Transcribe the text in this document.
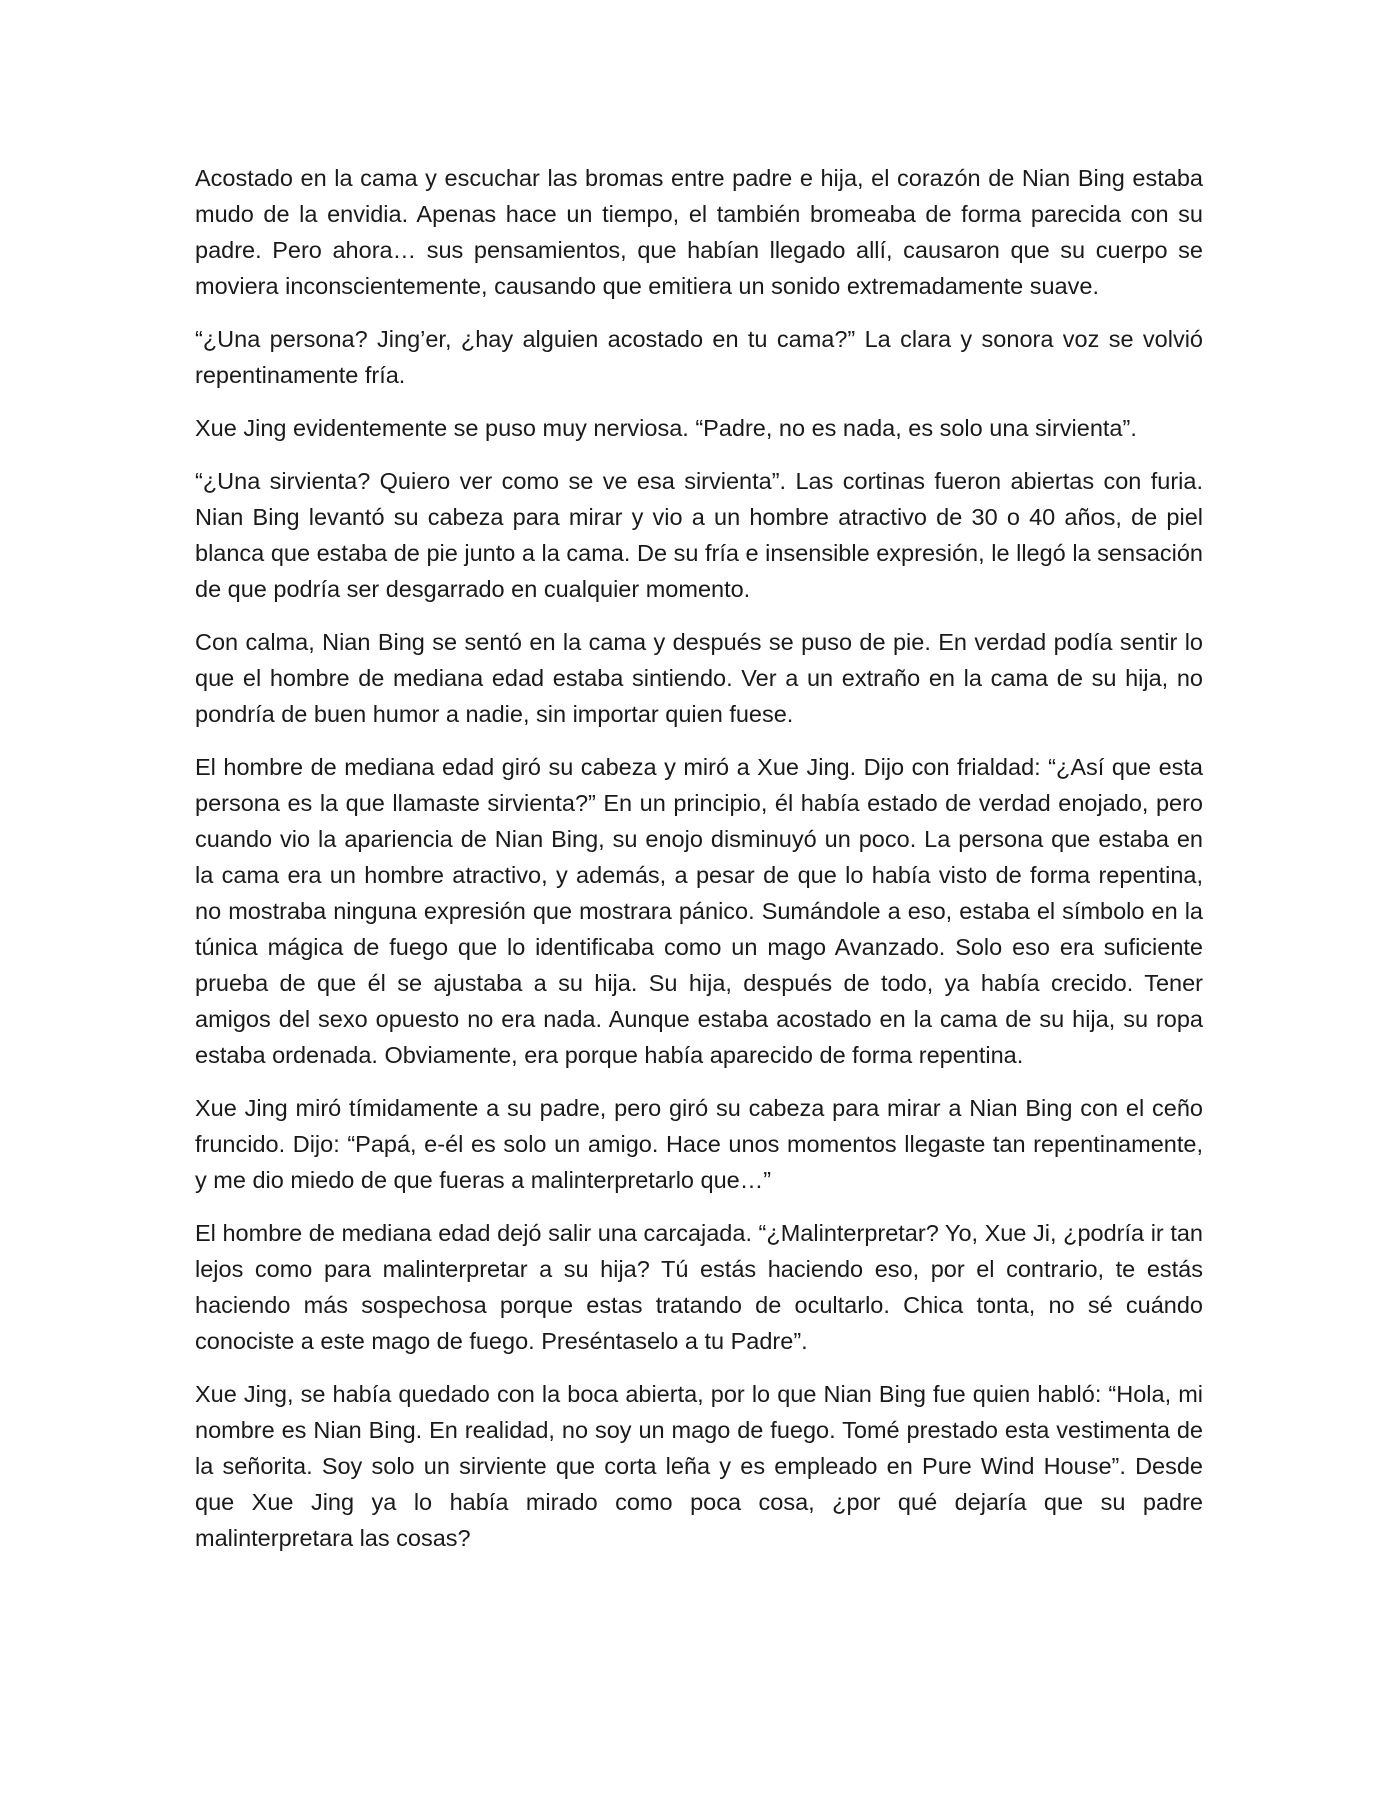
Acostado en la cama y escuchar las bromas entre padre e hija, el corazón de Nian Bing estaba mudo de la envidia. Apenas hace un tiempo, el también bromeaba de forma parecida con su padre. Pero ahora… sus pensamientos, que habían llegado allí, causaron que su cuerpo se moviera inconscientemente, causando que emitiera un sonido extremadamente suave.

“¿Una persona? Jing’er, ¿hay alguien acostado en tu cama?” La clara y sonora voz se volvió repentinamente fría.

Xue Jing evidentemente se puso muy nerviosa. “Padre, no es nada, es solo una sirvienta”.

“¿Una sirvienta? Quiero ver como se ve esa sirvienta”. Las cortinas fueron abiertas con furia. Nian Bing levantó su cabeza para mirar y vio a un hombre atractivo de 30 o 40 años, de piel blanca que estaba de pie junto a la cama. De su fría e insensible expresión, le llegó la sensación de que podría ser desgarrado en cualquier momento.

Con calma, Nian Bing se sentó en la cama y después se puso de pie. En verdad podía sentir lo que el hombre de mediana edad estaba sintiendo. Ver a un extraño en la cama de su hija, no pondría de buen humor a nadie, sin importar quien fuese.

El hombre de mediana edad giró su cabeza y miró a Xue Jing. Dijo con frialdad: “¿Así que esta persona es la que llamaste sirvienta?” En un principio, él había estado de verdad enojado, pero cuando vio la apariencia de Nian Bing, su enojo disminuyó un poco. La persona que estaba en la cama era un hombre atractivo, y además, a pesar de que lo había visto de forma repentina, no mostraba ninguna expresión que mostrara pánico. Sumándole a eso, estaba el símbolo en la túnica mágica de fuego que lo identificaba como un mago Avanzado. Solo eso era suficiente prueba de que él se ajustaba a su hija. Su hija, después de todo, ya había crecido. Tener amigos del sexo opuesto no era nada. Aunque estaba acostado en la cama de su hija, su ropa estaba ordenada. Obviamente, era porque había aparecido de forma repentina.

Xue Jing miró tímidamente a su padre, pero giró su cabeza para mirar a Nian Bing con el ceño fruncido. Dijo: “Papá, e-él es solo un amigo. Hace unos momentos llegaste tan repentinamente, y me dio miedo de que fueras a malinterpretarlo que…”

El hombre de mediana edad dejó salir una carcajada. “¿Malinterpretar? Yo, Xue Ji, ¿podría ir tan lejos como para malinterpretar a su hija? Tú estás haciendo eso, por el contrario, te estás haciendo más sospechosa porque estas tratando de ocultarlo. Chica tonta, no sé cuándo conociste a este mago de fuego. Preséntaselo a tu Padre”.

Xue Jing, se había quedado con la boca abierta, por lo que Nian Bing fue quien habló: “Hola, mi nombre es Nian Bing. En realidad, no soy un mago de fuego. Tomé prestado esta vestimenta de la señorita. Soy solo un sirviente que corta leña y es empleado en Pure Wind House”. Desde que Xue Jing ya lo había mirado como poca cosa, ¿por qué dejaría que su padre malinterpretara las cosas?
